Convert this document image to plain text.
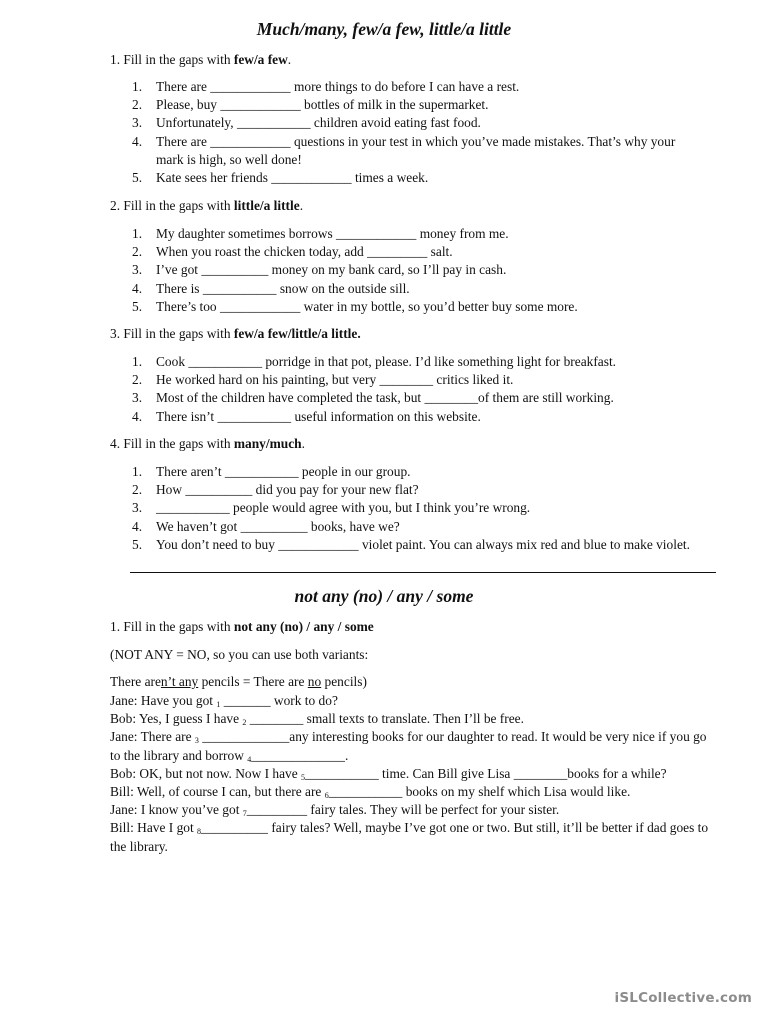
Much/many, few/a few, little/a little
1. Fill in the gaps with few/a few.
1. There are ____________ more things to do before I can have a rest.
2. Please, buy ____________ bottles of milk in the supermarket.
3. Unfortunately, ___________ children avoid eating fast food.
4. There are ____________ questions in your test in which you’ve made mistakes. That’s why your mark is high, so well done!
5. Kate sees her friends ____________ times a week.
2. Fill in the gaps with little/a little.
1. My daughter sometimes borrows ____________ money from me.
2. When you roast the chicken today, add _________ salt.
3. I’ve got __________ money on my bank card, so I’ll pay in cash.
4. There is ___________ snow on the outside sill.
5. There’s too ____________ water in my bottle, so you’d better buy some more.
3. Fill in the gaps with few/a few/little/a little.
1. Cook ___________ porridge in that pot, please. I’d like something light for breakfast.
2. He worked hard on his painting, but very ________ critics liked it.
3. Most of the children have completed the task, but ________of them are still working.
4. There isn’t ___________ useful information on this website.
4. Fill in the gaps with many/much.
1. There aren’t ___________ people in our group.
2. How __________ did you pay for your new flat?
3. ___________ people would agree with you, but I think you’re wrong.
4. We haven’t got __________ books, have we?
5. You don’t need to buy ____________ violet paint. You can always mix red and blue to make violet.
not any (no) / any / some
1. Fill in the gaps with not any (no) / any / some
(NOT ANY = NO, so you can use both variants:
There aren’t any pencils = There are no pencils)
Jane: Have you got $_1$ _______ work to do?
Bob: Yes, I guess I have $_2$ ________ small texts to translate. Then I’ll be free.
Jane: There are $_3$ _____________any interesting books for our daughter to read. It would be very nice if you go to the library and borrow $_4$______________.
Bob: OK, but not now. Now I have $_5$___________ time. Can Bill give Lisa ________books for a while?
Bill: Well, of course I can, but there are $_6$___________ books on my shelf which Lisa would like.
Jane: I know you’ve got $_7$_________ fairy tales. They will be perfect for your sister.
Bill: Have I got $_8$__________ fairy tales? Well, maybe I’ve got one or two. But still, it’ll be better if dad goes to the library.
iSLCollective.com
